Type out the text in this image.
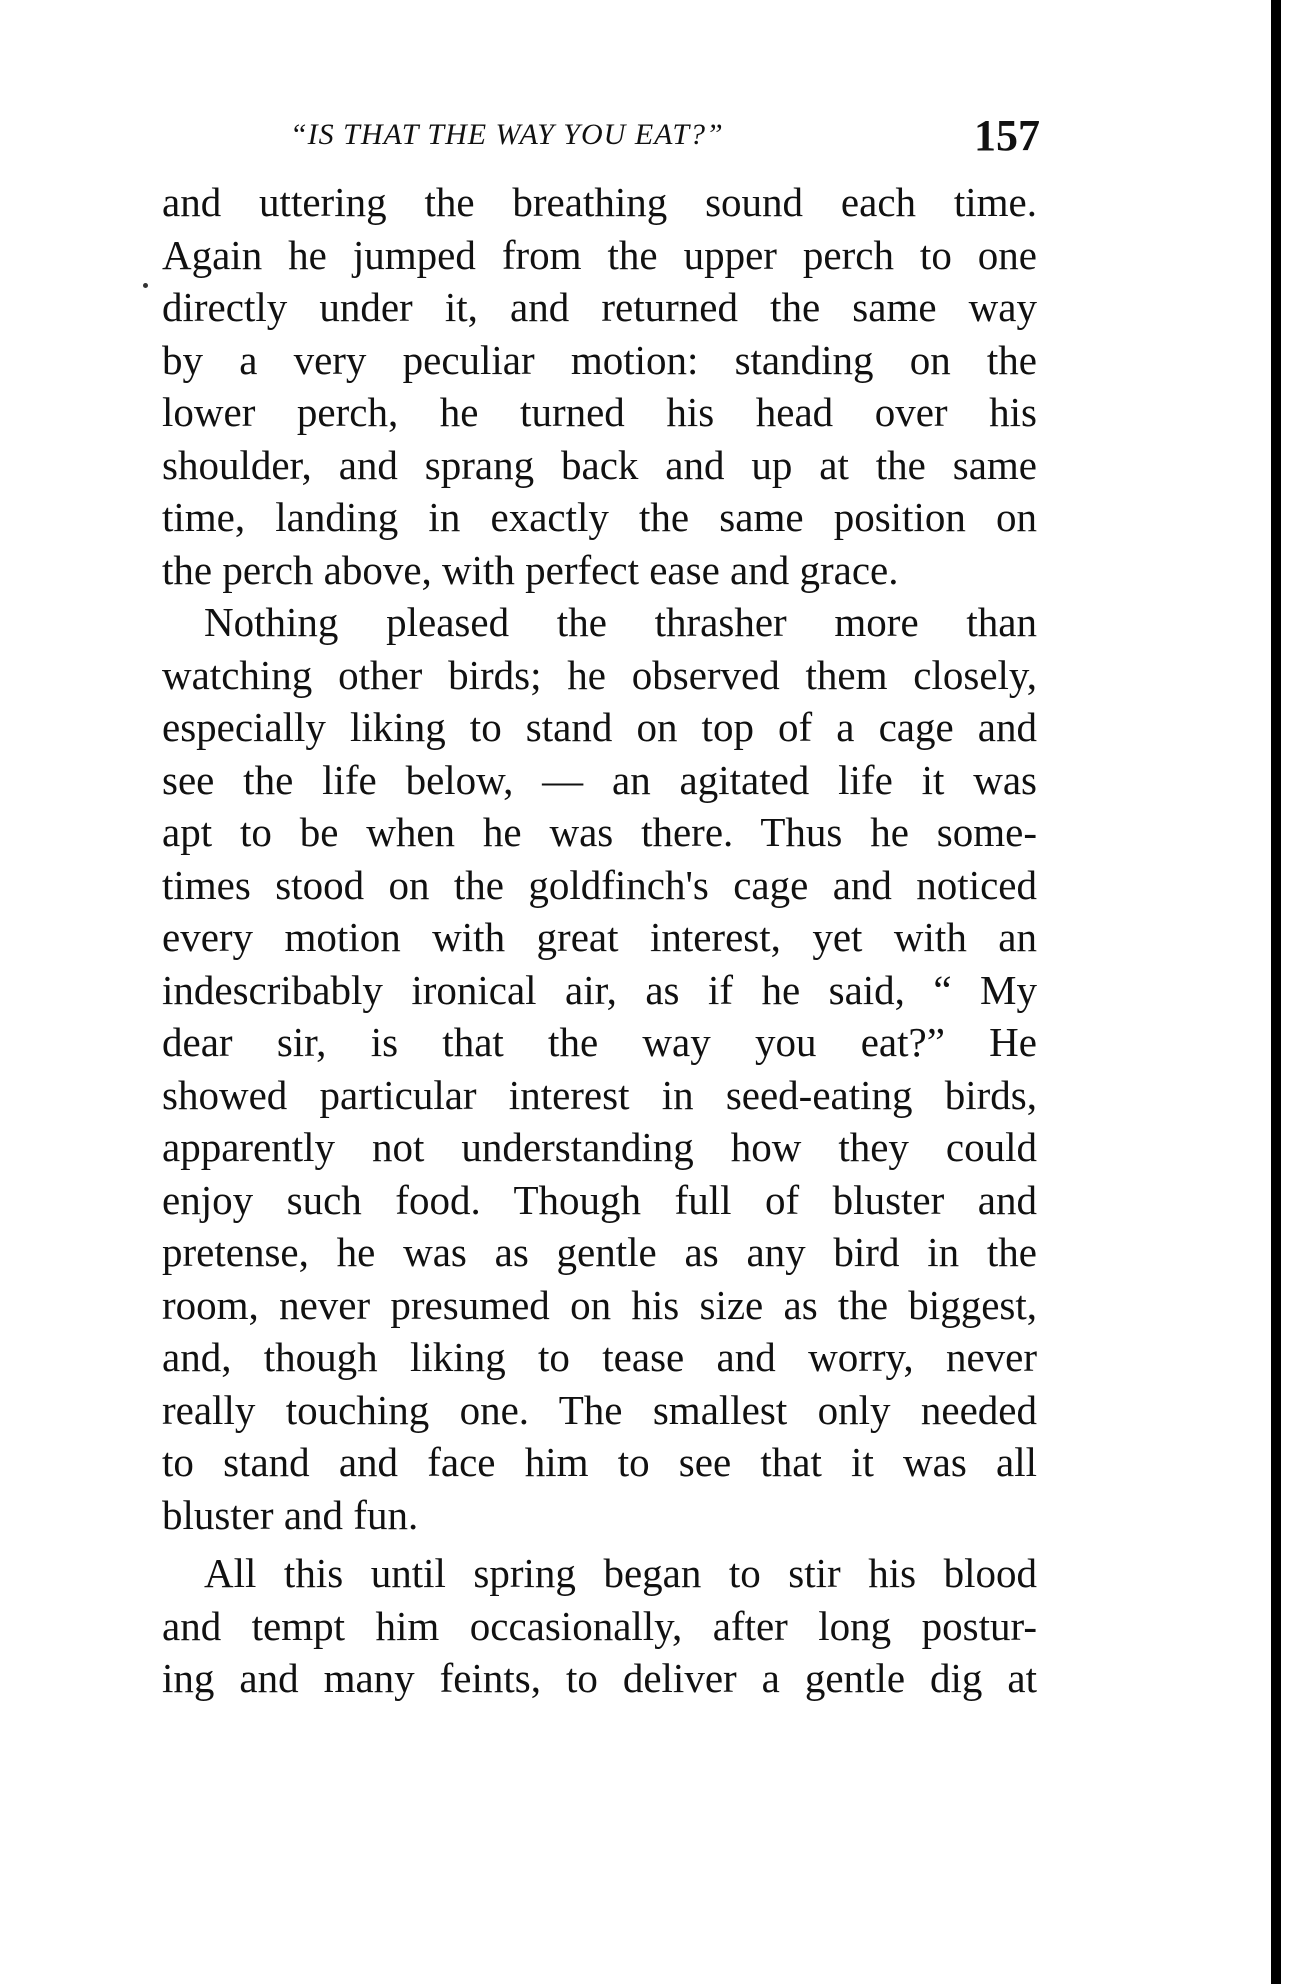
“IS THAT THE WAY YOU EAT?”	157
and uttering the breathing sound each time.
Again he jumped from the upper perch to one
directly under it, and returned the same way
by a very peculiar motion: standing on the
lower perch, he turned his head over his
shoulder, and sprang back and up at the same
time, landing in exactly the same position on
the perch above, with perfect ease and grace.
Nothing pleased the thrasher more than
watching other birds; he observed them closely,
especially liking to stand on top of a cage and
see the life below, — an agitated life it was
apt to be when he was there. Thus he some-
times stood on the goldfinch's cage and noticed
every motion with great interest, yet with an
indescribably ironical air, as if he said, “ My
dear sir, is that the way you eat?” He
showed particular interest in seed-eating birds,
apparently not understanding how they could
enjoy such food. Though full of bluster and
pretense, he was as gentle as any bird in the
room, never presumed on his size as the biggest,
and, though liking to tease and worry, never
really touching one. The smallest only needed
to stand and face him to see that it was all
bluster and fun.
All this until spring began to stir his blood
and tempt him occasionally, after long postur-
ing and many feints, to deliver a gentle dig at
